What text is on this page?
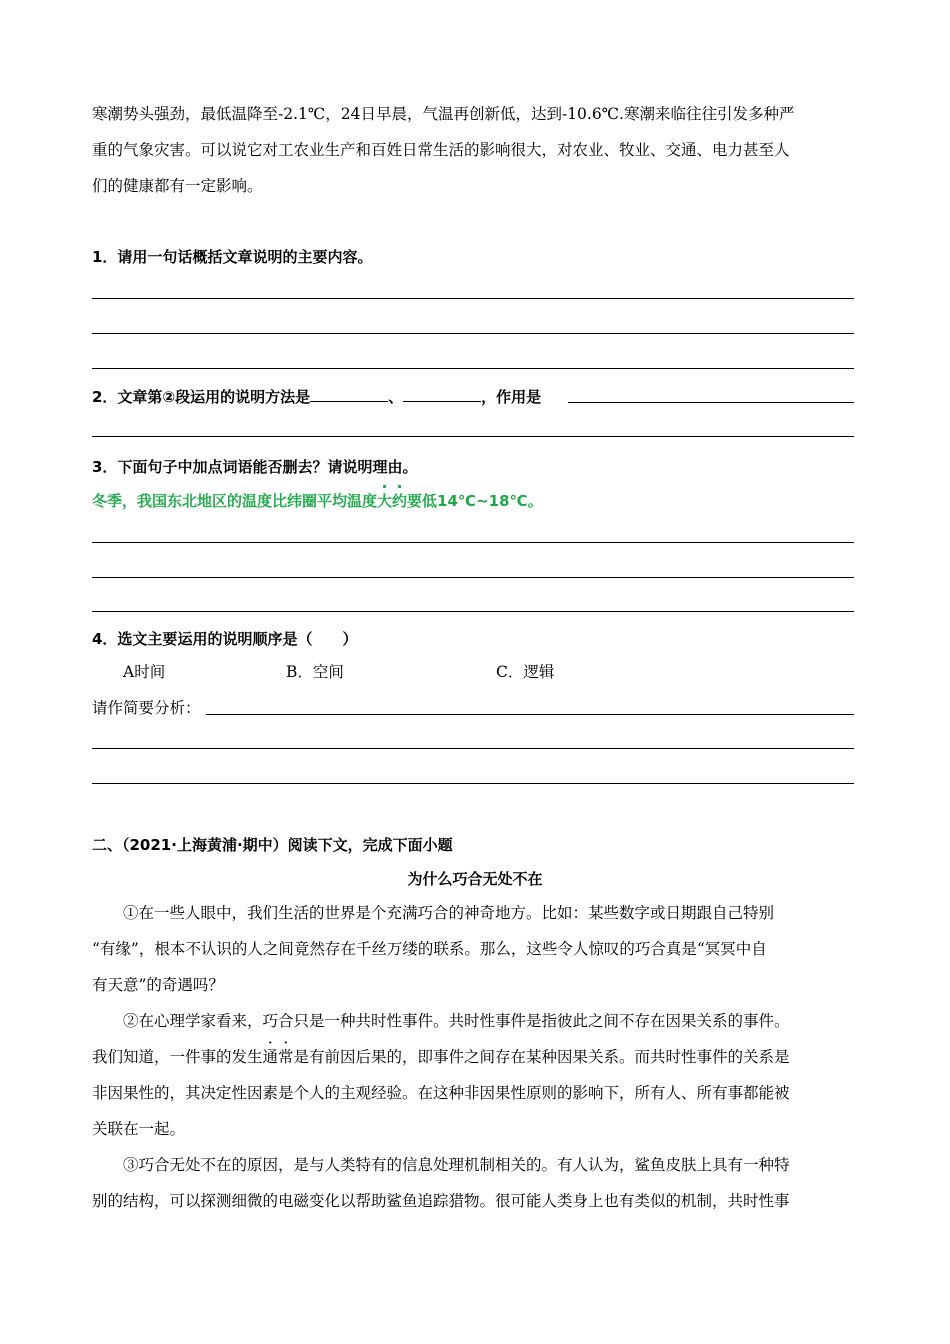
寒潮势头强劲，最低温降至-2.1℃，24日早晨，气温再创新低，达到-10.6℃.寒潮来临往往引发多种严
重的气象灾害。可以说它对工农业生产和百姓日常生活的影响很大，对农业、牧业、交通、电力甚至人
们的健康都有一定影响。
1．请用一句话概括文章说明的主要内容。
2．文章第②段运用的说明方法是	、	，作用是
3．下面句子中加点词语能否删去？请说明理由。
冬季，我国东北地区的温度比纬圈平均温度大约要低14℃~18℃。
4．选文主要运用的说明顺序是（　　）
A时间	B．空间	C．逻辑
请作简要分析：
二、（2021·上海黄浦·期中）阅读下文，完成下面小题
为什么巧合无处不在
①在一些人眼中，我们生活的世界是个充满巧合的神奇地方。比如：某些数字或日期跟自己特别
“有缘”，根本不认识的人之间竟然存在千丝万缕的联系。那么，这些令人惊叹的巧合真是“冥冥中自
有天意”的奇遇吗？
②在心理学家看来，巧合只是一种共时性事件。共时性事件是指彼此之间不存在因果关系的事件。
我们知道，一件事的发生通常是有前因后果的，即事件之间存在某种因果关系。而共时性事件的关系是
非因果性的，其决定性因素是个人的主观经验。在这种非因果性原则的影响下，所有人、所有事都能被
关联在一起。
③巧合无处不在的原因，是与人类特有的信息处理机制相关的。有人认为，鲨鱼皮肤上具有一种特
别的结构，可以探测细微的电磁变化以帮助鲨鱼追踪猎物。很可能人类身上也有类似的机制，共时性事
